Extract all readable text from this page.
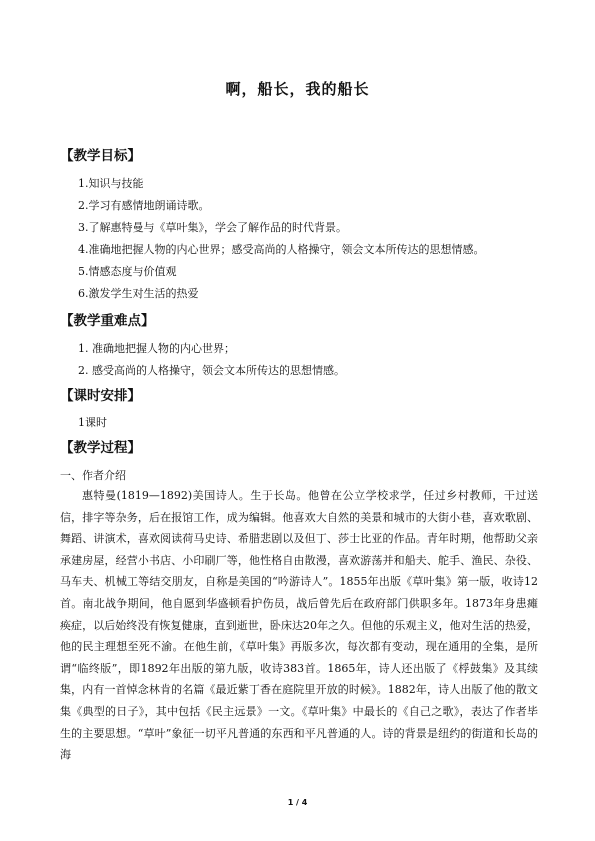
啊，船长，我的船长
【教学目标】
1.知识与技能
2.学习有感情地朗诵诗歌。
3.了解惠特曼与《草叶集》，学会了解作品的时代背景。
4.准确地把握人物的内心世界；感受高尚的人格操守，领会文本所传达的思想情感。
5.情感态度与价值观
6.激发学生对生活的热爱
【教学重难点】
1. 准确地把握人物的内心世界；
2. 感受高尚的人格操守，领会文本所传达的思想情感。
【课时安排】
1课时
【教学过程】
一、作者介绍
惠特曼(1819—1892)美国诗人。生于长岛。他曾在公立学校求学，任过乡村教师，干过送信，排字等杂务，后在报馆工作，成为编辑。他喜欢大自然的美景和城市的大街小巷，喜欢歌剧、舞蹈、讲演术，喜欢阅读荷马史诗、希腊悲剧以及但丁、莎士比亚的作品。青年时期，他帮助父亲承建房屋，经营小书店、小印刷厂等，他性格自由散漫，喜欢游荡并和船夫、舵手、渔民、杂役、马车夫、机械工等结交朋友，自称是美国的“吟游诗人”。1855年出版《草叶集》第一版，收诗12首。南北战争期间，他自愿到华盛顿看护伤员，战后曾先后在政府部门供职多年。1873年身患瘫痪症，以后始终没有恢复健康，直到逝世，卧床达20年之久。但他的乐观主义，他对生活的热爱，他的民主理想至死不渝。在他生前，《草叶集》再版多次，每次都有变动，现在通用的全集，是所谓“临终版”，即1892年出版的第九版，收诗383首。1865年，诗人还出版了《桴鼓集》及其续集，内有一首悼念林肯的名篇《最近紫丁香在庭院里开放的时候》。1882年，诗人出版了他的散文集《典型的日子》，其中包括《民主远景》一文。《草叶集》中最长的《自己之歌》，表达了作者毕生的主要思想。“草叶”象征一切平凡普通的东西和平凡普通的人。诗的背景是纽约的街道和长岛的海
1 / 4
